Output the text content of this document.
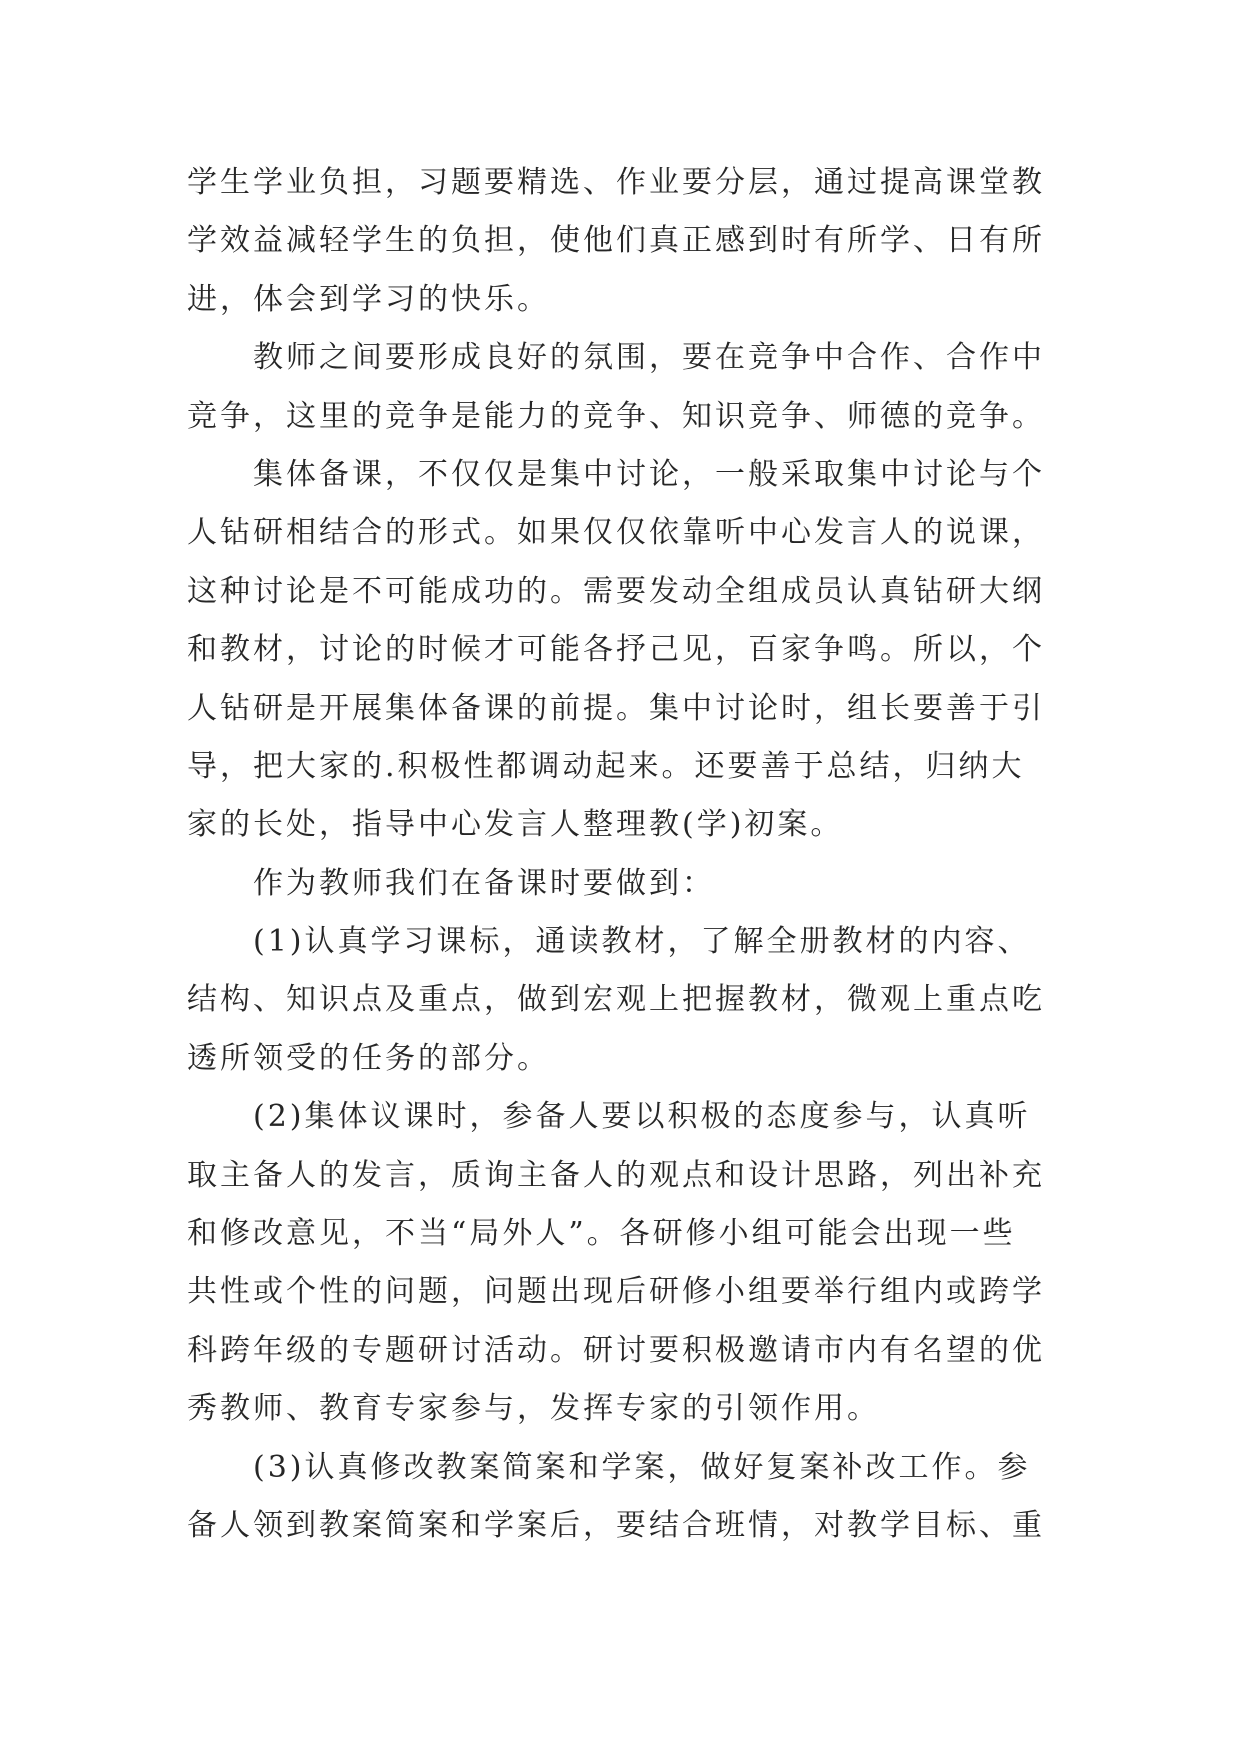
学生学业负担，习题要精选、作业要分层，通过提高课堂教
学效益减轻学生的负担，使他们真正感到时有所学、日有所
进，体会到学习的快乐。
教师之间要形成良好的氛围，要在竞争中合作、合作中
竞争，这里的竞争是能力的竞争、知识竞争、师德的竞争。
集体备课，不仅仅是集中讨论，一般采取集中讨论与个
人钻研相结合的形式。如果仅仅依靠听中心发言人的说课，
这种讨论是不可能成功的。需要发动全组成员认真钻研大纲
和教材，讨论的时候才可能各抒己见，百家争鸣。所以，个
人钻研是开展集体备课的前提。集中讨论时，组长要善于引
导，把大家的.积极性都调动起来。还要善于总结，归纳大
家的长处，指导中心发言人整理教(学)初案。
作为教师我们在备课时要做到：
(1)认真学习课标，通读教材，了解全册教材的内容、
结构、知识点及重点，做到宏观上把握教材，微观上重点吃
透所领受的任务的部分。
(2)集体议课时，参备人要以积极的态度参与，认真听
取主备人的发言，质询主备人的观点和设计思路，列出补充
和修改意见，不当“局外人”。各研修小组可能会出现一些
共性或个性的问题，问题出现后研修小组要举行组内或跨学
科跨年级的专题研讨活动。研讨要积极邀请市内有名望的优
秀教师、教育专家参与，发挥专家的引领作用。
(3)认真修改教案简案和学案，做好复案补改工作。参
备人领到教案简案和学案后，要结合班情，对教学目标、重
